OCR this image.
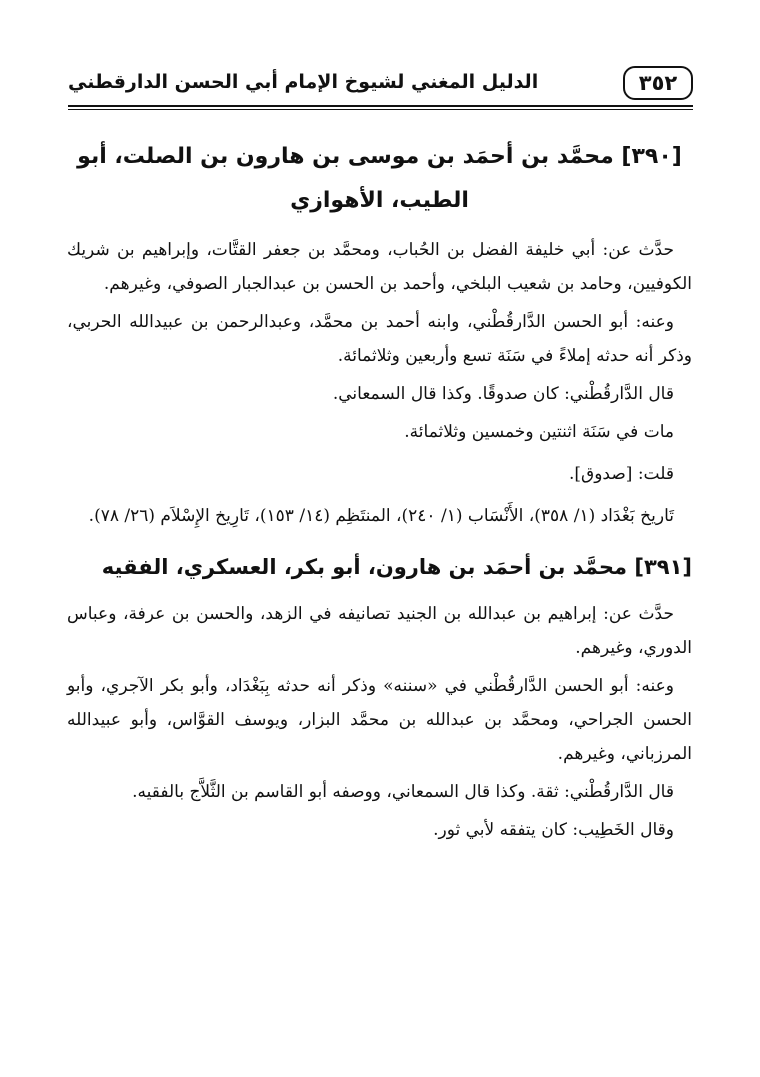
٣٥٢
الدليل المغني لشيوخ الإمام أبي الحسن الدارقطني
[٣٩٠] محمَّد بن أحمَد بن موسى بن هارون بن الصلت، أبو الطيب، الأهوازي

حدَّث عن: أبي خليفة الفضل بن الحُباب، ومحمَّد بن جعفر القتَّات، وإبراهيم بن شريك الكوفيين، وحامد بن شعيب البلخي، وأحمد بن الحسن بن عبدالجبار الصوفي، وغيرهم.

وعنه: أبو الحسن الدَّارقُطْني، وابنه أحمد بن محمَّد، وعبدالرحمن بن عبيدالله الحربي، وذكر أنه حدثه إملاءً في سَنَة تسع وأربعين وثلاثمائة.

قال الدَّارقُطْني: كان صدوقًا. وكذا قال السمعاني.

مات في سَنَة اثنتين وخمسين وثلاثمائة.

قلت: [صدوق].

تَاريخ بَغْدَاد (١/ ٣٥٨)، الأَنْسَاب (١/ ٢٤٠)، المنتَظِم (١٤/ ١٥٣)، تَارِيخ الإِسْلاَم (٢٦/ ٧٨).

[٣٩١] محمَّد بن أحمَد بن هارون، أبو بكر، العسكري، الفقيه

حدَّث عن: إبراهيم بن عبدالله بن الجنيد تصانيفه في الزهد، والحسن بن عرفة، وعباس الدوري، وغيرهم.

وعنه: أبو الحسن الدَّارقُطْني في «سننه» وذكر أنه حدثه بِبَغْدَاد، وأبو بكر الآجري، وأبو الحسن الجراحي، ومحمَّد بن عبدالله بن محمَّد البزار، ويوسف القوَّاس، وأبو عبيدالله المرزباني، وغيرهم.

قال الدَّارقُطْني: ثقة. وكذا قال السمعاني، ووصفه أبو القاسم بن الثَّلاَّج بالفقيه.

وقال الخَطِيب: كان يتفقه لأبي ثور.
